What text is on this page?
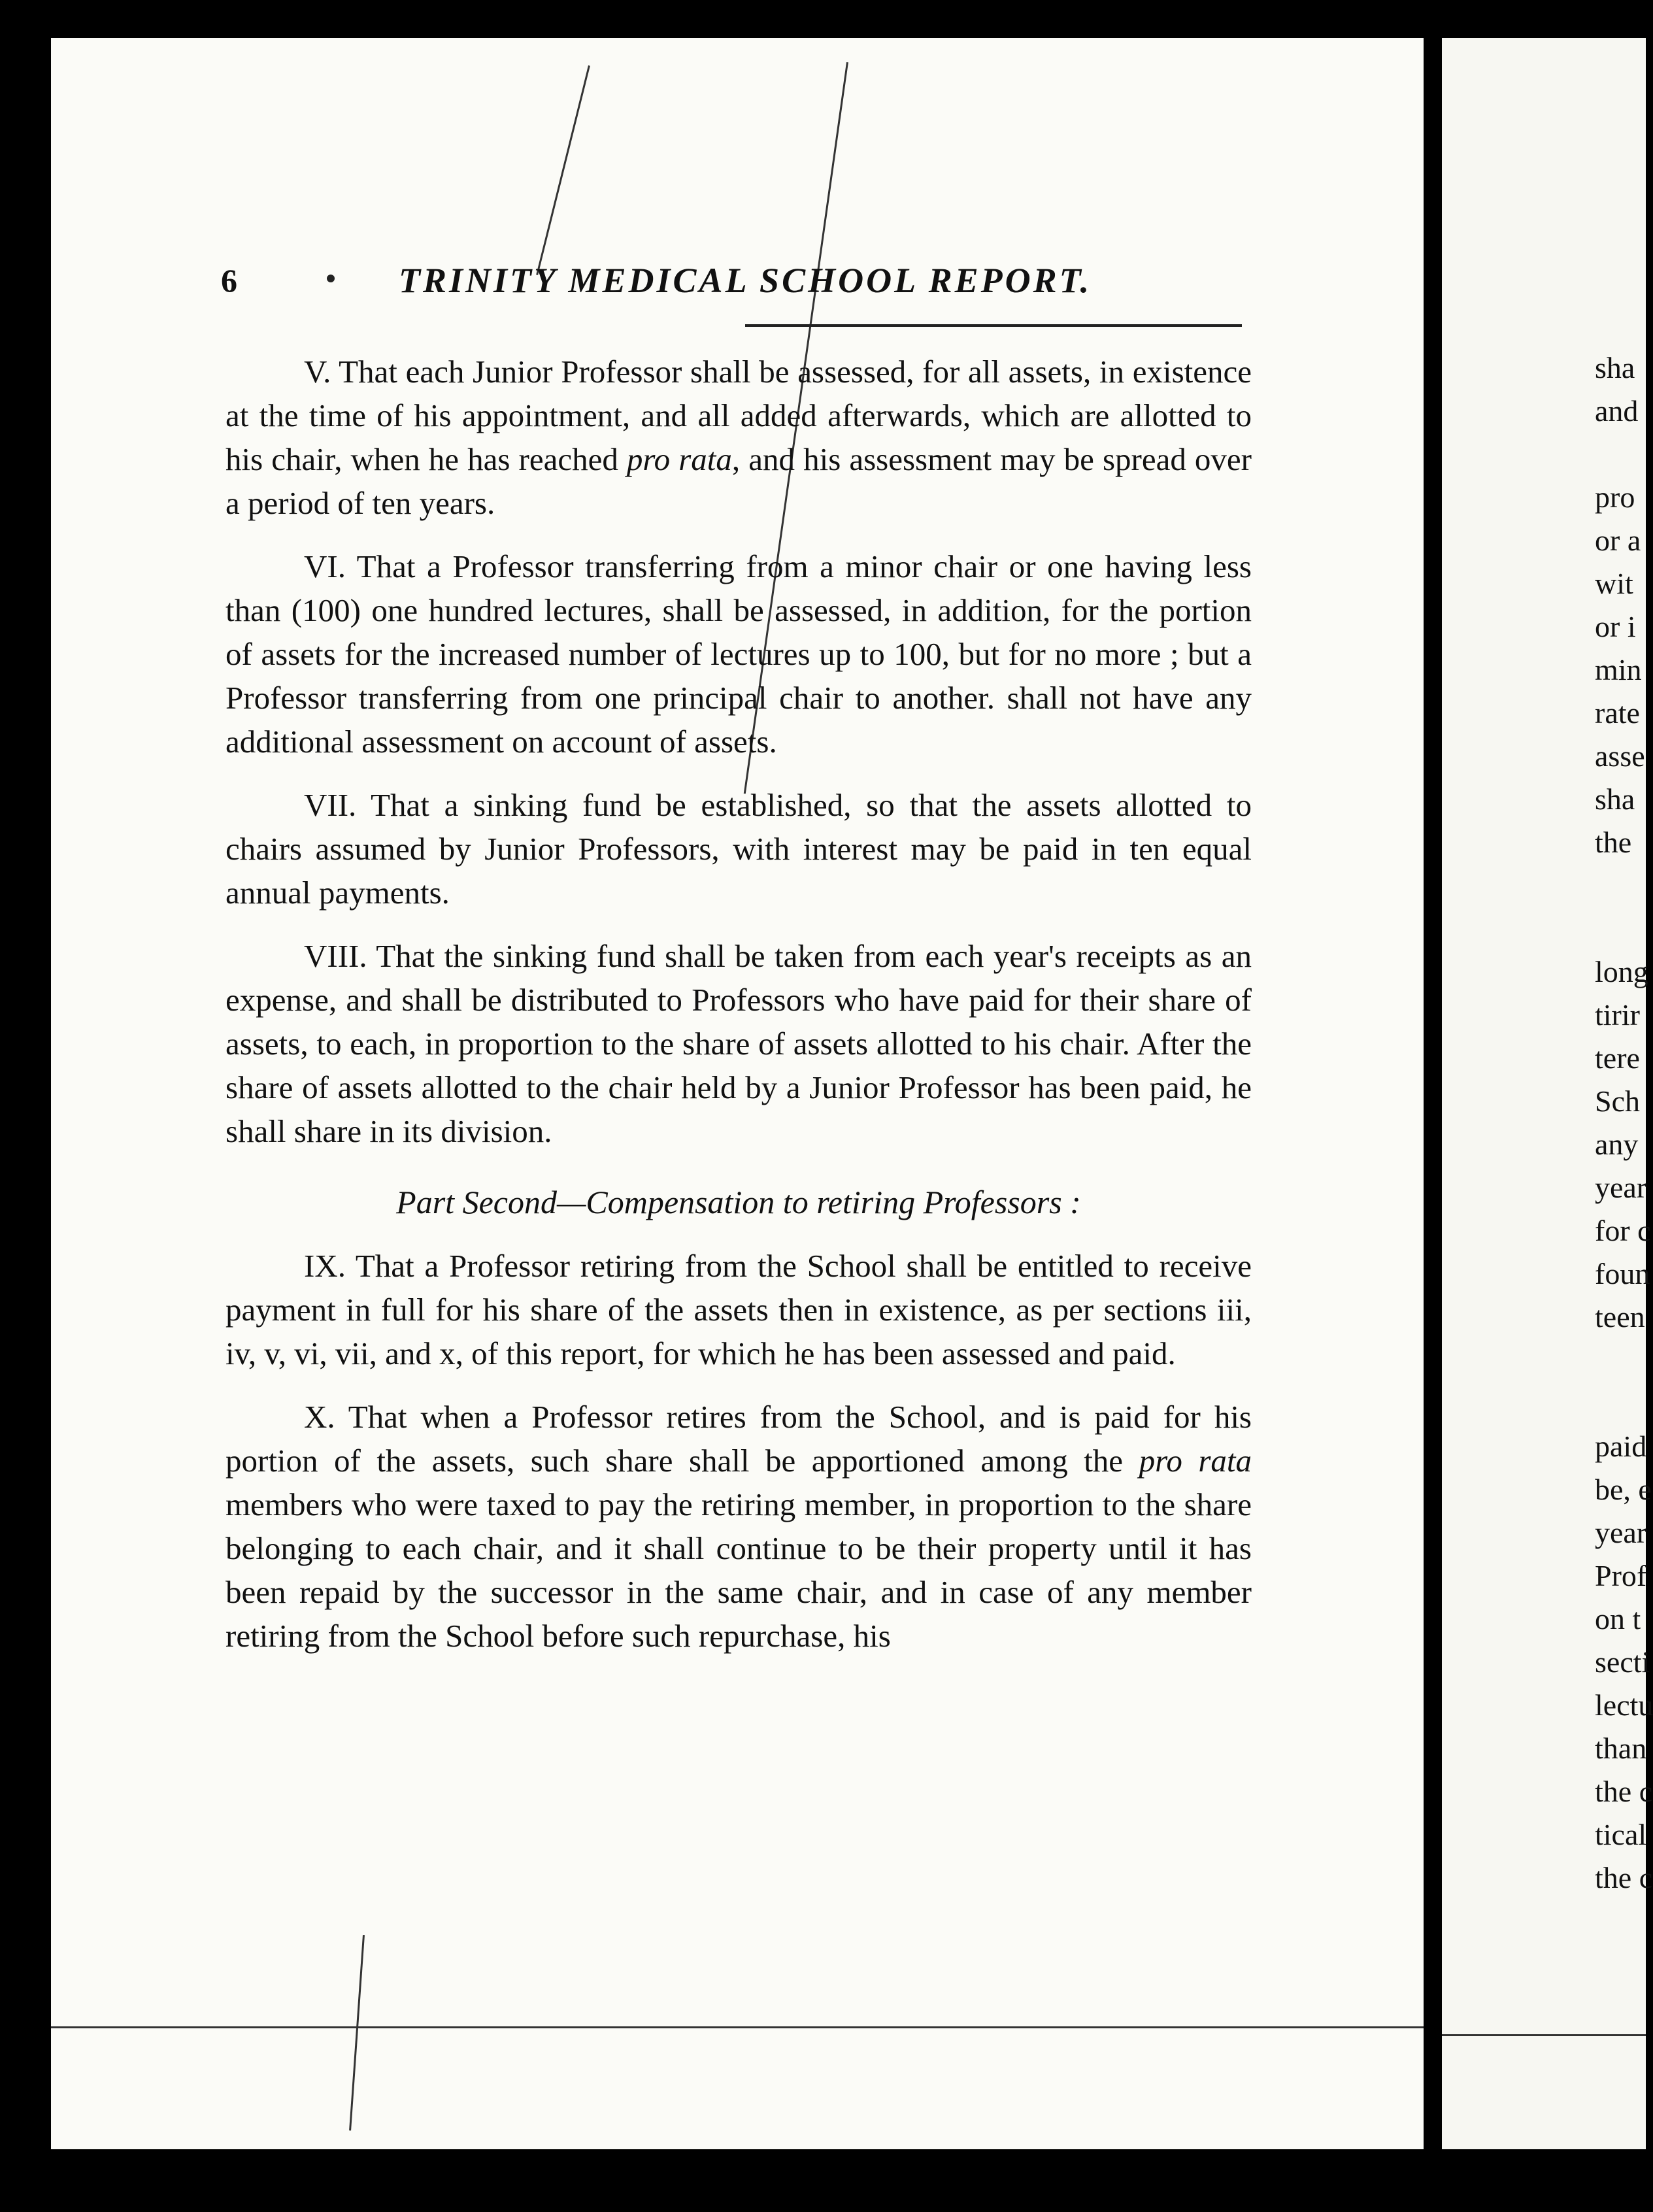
6	TRINITY MEDICAL SCHOOL REPORT.

V. That each Junior Professor shall be assessed, for all assets, in existence at the time of his appointment, and all added afterwards, which are allotted to his chair, when he has reached pro rata, and his assessment may be spread over a period of ten years.

VI. That a Professor transferring from a minor chair or one having less than (100) one hundred lectures, shall be assessed, in addition, for the portion of assets for the increased number of lectures up to 100, but for no more ; but a Professor transferring from one principal chair to another. shall not have any additional assessment on account of assets.

VII. That a sinking fund be established, so that the assets allotted to chairs assumed by Junior Professors, with interest may be paid in ten equal annual payments.

VIII. That the sinking fund shall be taken from each year's receipts as an expense, and shall be distributed to Professors who have paid for their share of assets, to each, in proportion to the share of assets allotted to his chair. After the share of assets allotted to the chair held by a Junior Professor has been paid, he shall share in its division.

Part Second—Compensation to retiring Professors :

IX. That a Professor retiring from the School shall be entitled to receive payment in full for his share of the assets then in existence, as per sections iii, iv, v, vi, vii, and x, of this report, for which he has been assessed and paid.

X. That when a Professor retires from the School, and is paid for his portion of the assets, such share shall be apportioned among the pro rata members who were taxed to pay the retiring member, in proportion to the share belonging to each chair, and it shall continue to be their property until it has been repaid by the successor in the same chair, and in case of any member retiring from the School before such repurchase, his

sha
and
pro
or a
wit
or i
min
rate
asse
sha
the
long
tirir
tere
Sch
any
year
for c
foun
teen
paid
be, e
year
Prof
on t
secti
lectu
than
the c
tical
the c
